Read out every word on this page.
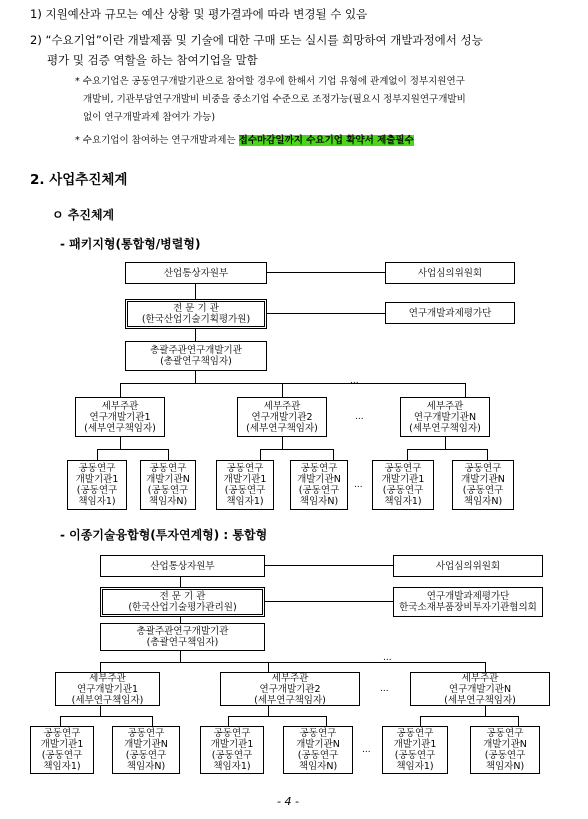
1) 지원예산과 규모는 예산 상황 및 평가결과에 따라 변경될 수 있음
2) “수요기업”이란 개발제품 및 기술에 대한 구매 또는 실시를 희망하여 개발과정에서 성능
평가 및 검증 역할을 하는 참여기업을 말함
* 수요기업은 공동연구개발기관으로 참여할 경우에 한해서 기업 유형에 관계없이 정부지원연구
개발비, 기관부담연구개발비 비중을 중소기업 수준으로 조정가능(필요시 정부지원연구개발비
없이 연구개발과제 참여가 가능)
* 수요기업이 참여하는 연구개발과제는 접수마감일까지 수요기업 확약서 제출필수
2. 사업추진체계
ㅇ 추진체계
- 패키지형(통합형/병렬형)
산업통상자원부	사업심의위원회
전 문 기 관
(한국산업기술기획평가원)
연구개발과제평가단
총괄주관연구개발기관
(총괄연구책임자)
...
세부주관
연구개발기관1
(세부연구책임자)
세부주관
연구개발기관2
(세부연구책임자)
세부주관
연구개발기관N
(세부연구책임자)
...
공동연구
개발기관1
(공동연구
책임자1)
공동연구
개발기관N
(공동연구
책임자N)
공동연구
개발기관1
(공동연구
책임자1)
공동연구
개발기관N
(공동연구
책임자N)
공동연구
개발기관1
(공동연구
책임자1)
공동연구
개발기관N
(공동연구
책임자N)
...
- 이종기술융합형(투자연계형) : 통합형
산업통상자원부	사업심의위원회
전 문 기 관
(한국산업기술평가관리원)
연구개발과제평가단
한국소재부품장비투자기관협의회
총괄주관연구개발기관
(총괄연구책임자)
...
세부주관
연구개발기관1
(세부연구책임자)
세부주관
연구개발기관2
(세부연구책임자)
세부주관
연구개발기관N
(세부연구책임자)
...
공동연구
개발기관1
(공동연구
책임자1)
공동연구
개발기관N
(공동연구
책임자N)
공동연구
개발기관1
(공동연구
책임자1)
공동연구
개발기관N
(공동연구
책임자N)
공동연구
개발기관1
(공동연구
책임자1)
공동연구
개발기관N
(공동연구
책임자N)
...
- 4 -
